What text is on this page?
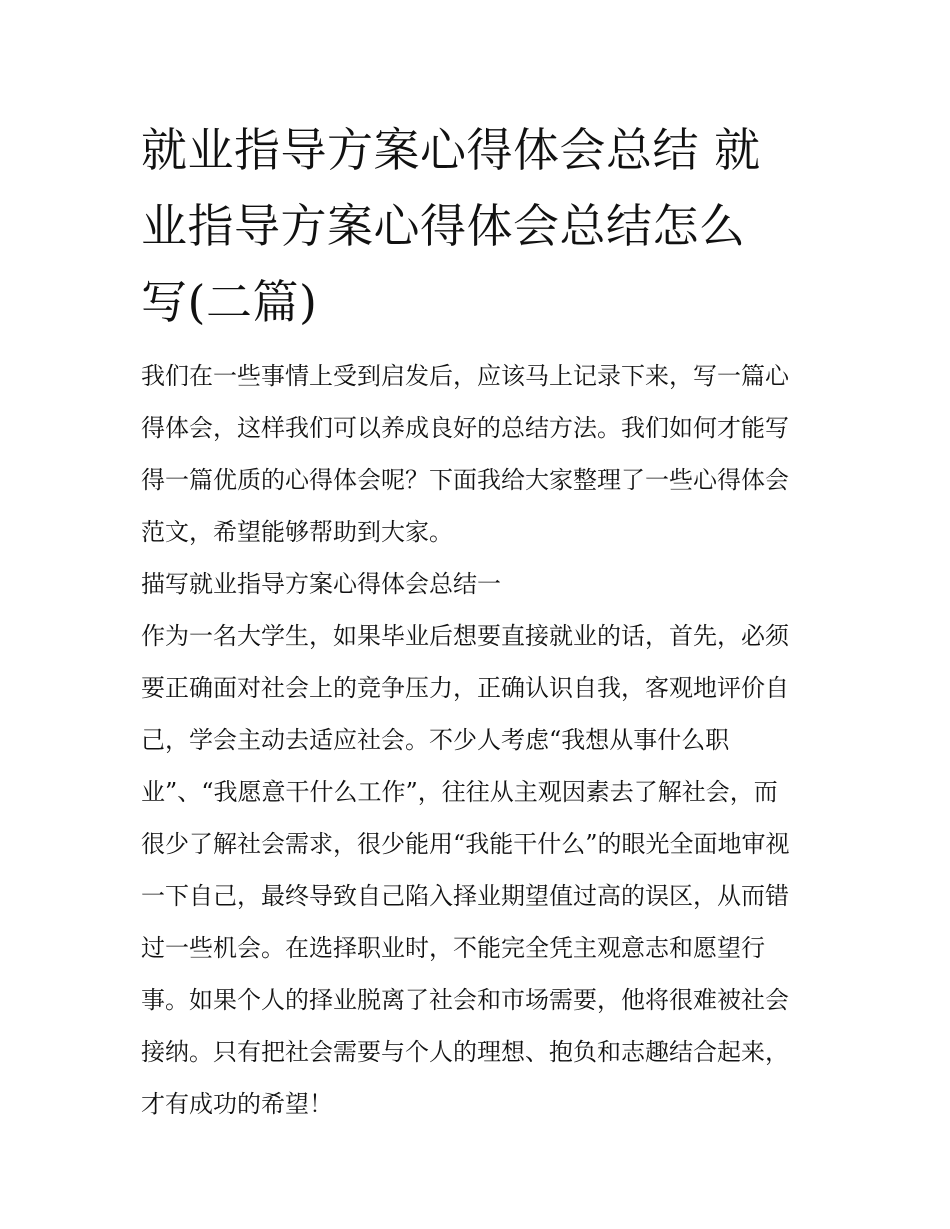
就业指导方案心得体会总结 就
业指导方案心得体会总结怎么
写(二篇)
我们在一些事情上受到启发后，应该马上记录下来，写一篇心
得体会，这样我们可以养成良好的总结方法。我们如何才能写
得一篇优质的心得体会呢？下面我给大家整理了一些心得体会
范文，希望能够帮助到大家。
描写就业指导方案心得体会总结一
作为一名大学生，如果毕业后想要直接就业的话，首先，必须
要正确面对社会上的竞争压力，正确认识自我，客观地评价自
己，学会主动去适应社会。不少人考虑“我想从事什么职
业”、“我愿意干什么工作”，往往从主观因素去了解社会，而
很少了解社会需求，很少能用“我能干什么”的眼光全面地审视
一下自己，最终导致自己陷入择业期望值过高的误区，从而错
过一些机会。在选择职业时，不能完全凭主观意志和愿望行
事。如果个人的择业脱离了社会和市场需要，他将很难被社会
接纳。只有把社会需要与个人的理想、抱负和志趣结合起来，
才有成功的希望！
